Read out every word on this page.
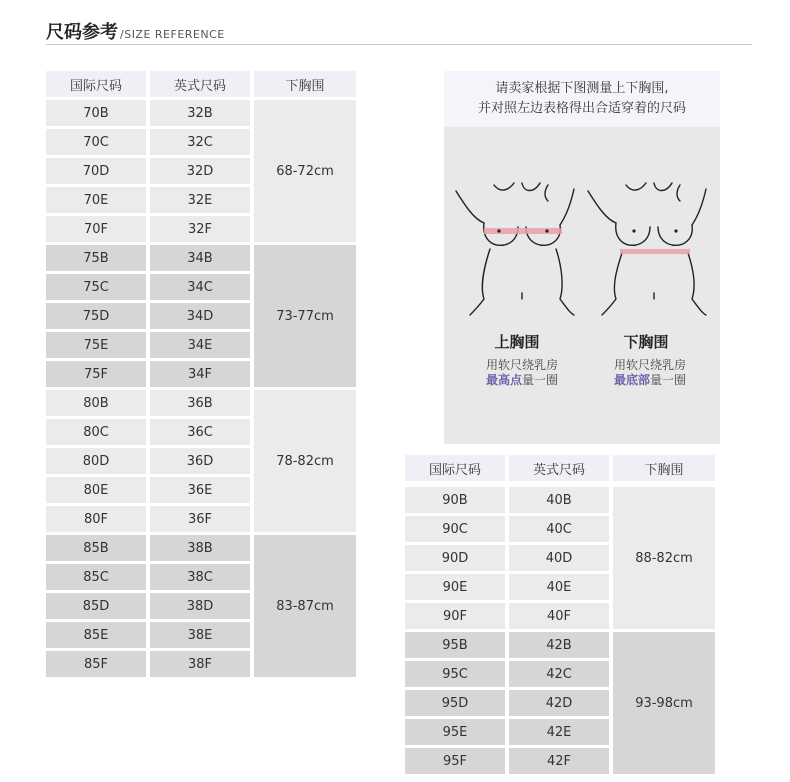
尺码参考 /SIZE REFERENCE
国际尺码	英式尺码	下胸围
70B	32B
70C	32C
70D	32D
70E	32E
70F	32F
68-72cm
75B	34B
75C	34C
75D	34D
75E	34E
75F	34F
73-77cm
80B	36B
80C	36C
80D	36D
80E	36E
80F	36F
78-82cm
85B	38B
85C	38C
85D	38D
85E	38E
85F	38F
83-87cm
国际尺码	英式尺码	下胸围
90B	40B
90C	40C
90D	40D
90E	40E
90F	40F
88-82cm
95B	42B
95C	42C
95D	42D
95E	42E
95F	42F
93-98cm
请卖家根据下图测量上下胸围,
并对照左边表格得出合适穿着的尺码
上胸围
用软尺绕乳房
最高点量一圈
下胸围
用软尺绕乳房
最底部量一圈
